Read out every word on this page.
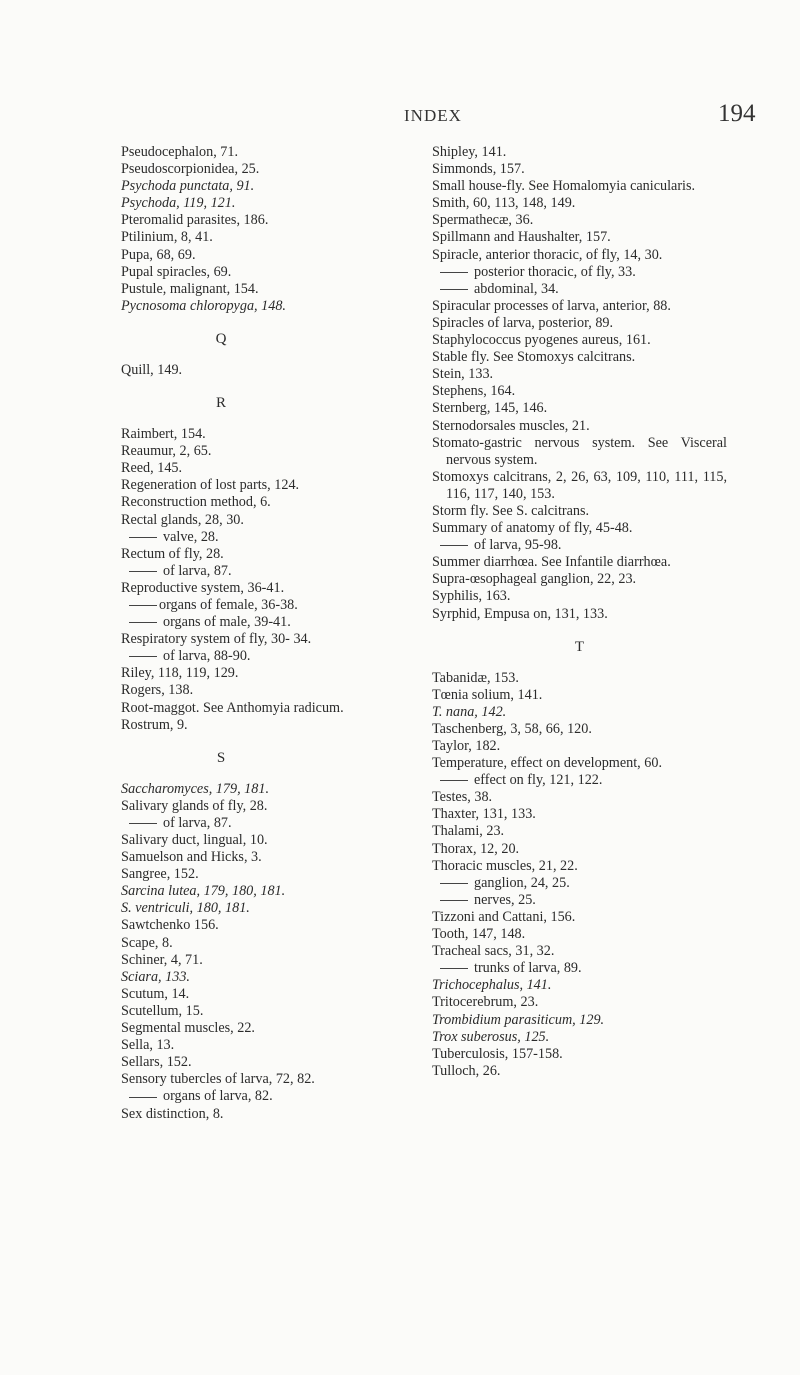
INDEX	194
Pseudocephalon, 71.
Pseudoscorpionidea, 25.
Psychoda punctata, 91.
Psychoda, 119, 121.
Pteromalid parasites, 186.
Ptilinium, 8, 41.
Pupa, 68, 69.
Pupal spiracles, 69.
Pustule, malignant, 154.
Pycnosoma chloropyga, 148.
Q
Quill, 149.
R
Raimbert, 154.
Reaumur, 2, 65.
Reed, 145.
Regeneration of lost parts, 124.
Reconstruction method, 6.
Rectal glands, 28, 30.
valve, 28.
Rectum of fly, 28.
of larva, 87.
Reproductive system, 36-41.
organs of female, 36-38.
organs of male, 39-41.
Respiratory system of fly, 30- 34.
of larva, 88-90.
Riley, 118, 119, 129.
Rogers, 138.
Root-maggot. See Anthomyia radicum.
Rostrum, 9.
S
Saccharomyces, 179, 181.
Salivary glands of fly, 28.
of larva, 87.
Salivary duct, lingual, 10.
Samuelson and Hicks, 3.
Sangree, 152.
Sarcina lutea, 179, 180, 181.
S. ventriculi, 180, 181.
Sawtchenko 156.
Scape, 8.
Schiner, 4, 71.
Sciara, 133.
Scutum, 14.
Scutellum, 15.
Segmental muscles, 22.
Sella, 13.
Sellars, 152.
Sensory tubercles of larva, 72, 82.
organs of larva, 82.
Sex distinction, 8.
Shipley, 141.
Simmonds, 157.
Small house-fly. See Homalomyia canicularis.
Smith, 60, 113, 148, 149.
Spermathecæ, 36.
Spillmann and Haushalter, 157.
Spiracle, anterior thoracic, of fly, 14, 30.
posterior thoracic, of fly, 33.
abdominal, 34.
Spiracular processes of larva, anterior, 88.
Spiracles of larva, posterior, 89.
Staphylococcus pyogenes aureus, 161.
Stable fly. See Stomoxys calcitrans.
Stein, 133.
Stephens, 164.
Sternberg, 145, 146.
Sternodorsales muscles, 21.
Stomato-gastric nervous system. See Visceral nervous system.
Stomoxys calcitrans, 2, 26, 63, 109, 110, 111, 115, 116, 117, 140, 153.
Storm fly. See S. calcitrans.
Summary of anatomy of fly, 45-48.
of larva, 95-98.
Summer diarrhœa. See Infantile diarrhœa.
Supra-œsophageal ganglion, 22, 23.
Syphilis, 163.
Syrphid, Empusa on, 131, 133.
T
Tabanidæ, 153.
Tœnia solium, 141.
T. nana, 142.
Taschenberg, 3, 58, 66, 120.
Taylor, 182.
Temperature, effect on development, 60.
effect on fly, 121, 122.
Testes, 38.
Thaxter, 131, 133.
Thalami, 23.
Thorax, 12, 20.
Thoracic muscles, 21, 22.
ganglion, 24, 25.
nerves, 25.
Tizzoni and Cattani, 156.
Tooth, 147, 148.
Tracheal sacs, 31, 32.
trunks of larva, 89.
Trichocephalus, 141.
Tritocerebrum, 23.
Trombidium parasiticum, 129.
Trox suberosus, 125.
Tuberculosis, 157-158.
Tulloch, 26.
